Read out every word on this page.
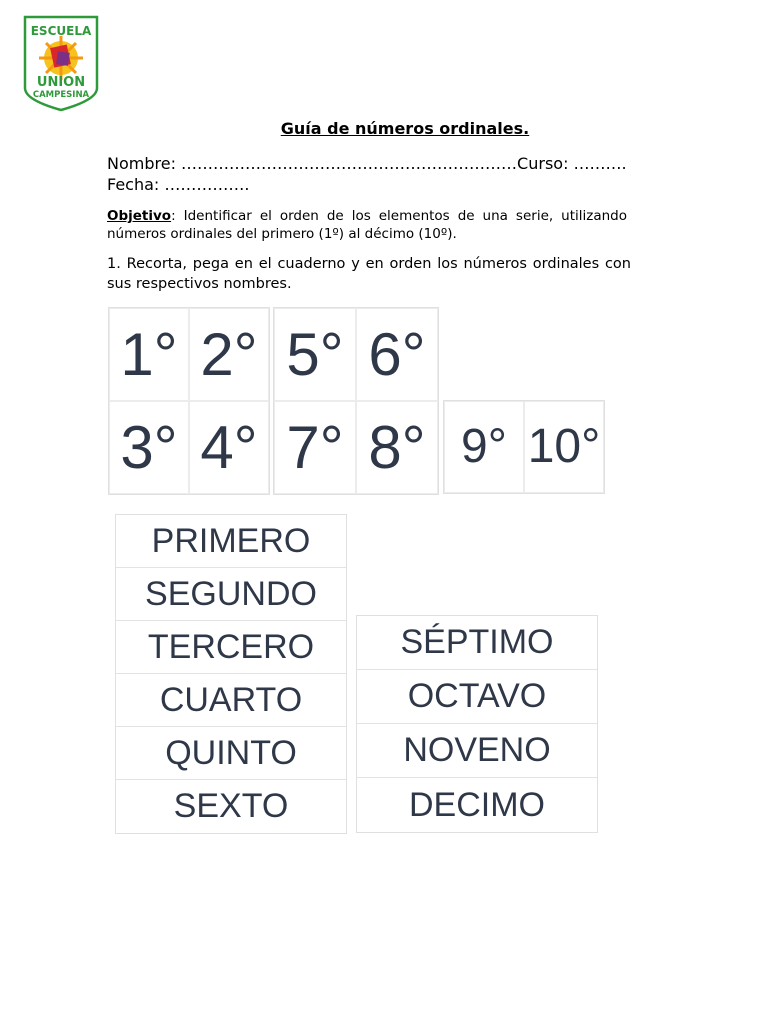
ESCUELA
UNION
CAMPESINA
Guía de números ordinales.
Nombre: ………………………………………………………Curso: ……….
Fecha: …………….
Objetivo: Identificar el orden de los elementos de una serie, utilizando números ordinales del primero (1º) al décimo (10º).
1. Recorta, pega en el cuaderno y en orden los números ordinales con sus respectivos nombres.
1° 2°
3° 4°
5° 6°
7° 8° 9° 10°
PRIMERO
SEGUNDO
TERCERO
CUARTO
QUINTO
SEXTO
SÉPTIMO
OCTAVO
NOVENO
DECIMO
